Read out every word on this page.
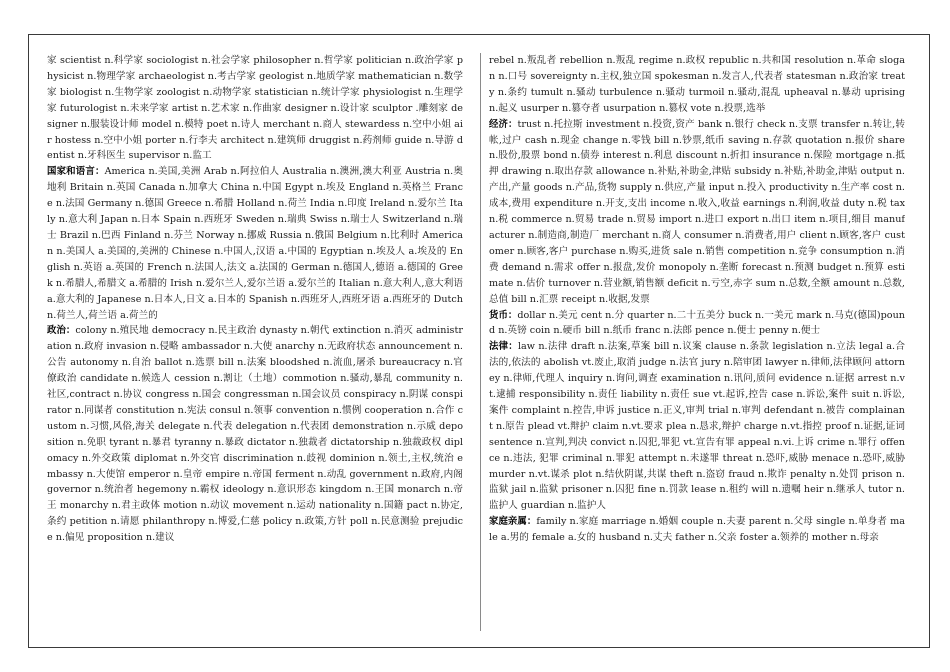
家 scientist n.科学家 sociologist n.社会学家 philosopher n.哲学家 politician n.政治学家 physicist n.物理学家 archaeologist n.考古学家 geologist n.地质学家 mathematician n.数学家 biologist n.生物学家 zoologist n.动物学家 statistician n.统计学家 physiologist n.生理学家 futurologist n.未来学家 artist n.艺术家 n.作曲家 designer n.设计家 sculptor .雕刻家 designer n.服装设计师 model n.模特 poet n.诗人 merchant n.商人 stewardess n.空中小姐 air hostess n.空中小姐 porter n.行李夫 architect n.建筑师 druggist n.药剂师 guide n.导游 dentist n.牙科医生 supervisor n.监工

国家和语言：America n.美国,美洲 Arab n.阿拉伯人 Australia n.澳洲,澳大利亚 Austria n.奥地利 Britain n.英国 Canada n.加拿大 China n.中国 Egypt n.埃及 England n.英格兰 France n.法国 Germany n.德国 Greece n.希腊 Holland n.荷兰 India n.印度 Ireland n.爱尔兰 Italy n.意大利 Japan n.日本 Spain n.西班牙 Sweden n.瑞典 Swiss n.瑞士人 Switzerland n.瑞士 Brazil n.巴西 Finland n.芬兰 Norway n.挪威 Russia n.俄国 Belgium n.比利时 American n.美国人 a.美国的,美洲的 Chinese n.中国人,汉语 a.中国的 Egyptian n.埃及人 a.埃及的 English n.英语 a.英国的 French n.法国人,法文 a.法国的 German n.德国人,德语 a.德国的 Greek n.希腊人,希腊文 a.希腊的 Irish n.爱尔兰人,爱尔兰语 a.爱尔兰的 Italian n.意大利人,意大利语 a.意大利的 Japanese n.日本人,日文 a.日本的 Spanish n.西班牙人,西班牙语 a.西班牙的 Dutch n.荷兰人,荷兰语 a.荷兰的

政治：colony n.殖民地 democracy n.民主政治 dynasty n.朝代 extinction n.消灭 administration n.政府 invasion n.侵略 ambassador n.大使 anarchy n.无政府状态 announcement n.公告 autonomy n.自治 ballot n.选票 bill n.法案 bloodshed n.流血,屠杀 bureaucracy n.官僚政治 candidate n.候选人 cession n.割让（土地）commotion n.骚动,暴乱 community n.社区,contract n.协议 congress n.国会 congressman n.国会议员 conspiracy n.阴谋 conspirator n.同谋者 constitution n.宪法 consul n.领事 convention n.惯例 cooperation n.合作 custom n.习惯,风俗,海关 delegate n.代表 delegation n.代表团 demonstration n.示威 deposition n.免职 tyrant n.暴君 tyranny n.暴政 dictator n.独裁者 dictatorship n.独裁政权 diplomacy n.外交政策 diplomat n.外交官 discrimination n.歧视 dominion n.领土,主权,统治 embassy n.大使馆 emperor n.皇帝 empire n.帝国 ferment n.动乱 government n.政府,内阁 governor n.统治者 hegemony n.霸权 ideology n.意识形态 kingdom n.王国 monarch n.帝王 monarchy n.君主政体 motion n.动议 movement n.运动 nationality n.国籍 pact n.协定,条约 petition n.请愿 philanthropy n.博爱,仁慈 policy n.政策,方针 poll n.民意测验 prejudice n.偏见 proposition n.建议

rebel n.叛乱者 rebellion n.叛乱 regime n.政权 republic n.共和国 resolution n.革命 slogan n.口号 sovereignty n.主权,独立国 spokesman n.发言人,代表者 statesman n.政治家 treaty n.条约 tumult n.骚动 turbulence n.骚动 turmoil n.骚动,混乱 upheaval n.暴动 uprising n.起义 usurper n.篡夺者 usurpation n.篡权 vote n.投票,选举

经济：trust n.托拉斯 investment n.投资,资产 bank n.银行 check n.支票 transfer n.转让,转帐,过户 cash n.现金 change n.零钱 bill n.钞票,纸币 saving n.存款 quotation n.报价 share n.股份,股票 bond n.债券 interest n.利息 discount n.折扣 insurance n.保险 mortgage n.抵押 drawing n.取出存款 allowance n.补贴,补助金,津贴 subsidy n.补贴,补助金,津贴 output n.产出,产量 goods n.产品,货物 supply n.供应,产量 input n.投入 productivity n.生产率 cost n.成本,费用 expenditure n.开支,支出 income n.收入,收益 earnings n.利润,收益 duty n.税 tax n.税 commerce n.贸易 trade n.贸易 import n.进口 export n.出口 item n.项目,细目 manufacturer n.制造商,制造厂 merchant n.商人 consumer n.消费者,用户 client n.顾客,客户 customer n.顾客,客户 purchase n.购买,进货 sale n.销售 competition n.竞争 consumption n.消费 demand n.需求 offer n.报盘,发价 monopoly n.垄断 forecast n.预测 budget n.预算 estimate n.估价 turnover n.营业额,销售额 deficit n.亏空,赤字 sum n.总数,全额 amount n.总数,总值 bill n.汇票 receipt n.收据,发票

货币：dollar n.美元 cent n.分 quarter n.二十五美分 buck n.一美元 mark n.马克(德国)pound n.英镑 coin n.硬币 bill n.纸币 franc n.法郎 pence n.便士 penny n.便士

法律：law n.法律 draft n.法案,草案 bill n.议案 clause n.条款 legislation n.立法 legal a.合法的,依法的 abolish vt.废止,取消 judge n.法官 jury n.陪审团 lawyer n.律师,法律顾问 attorney n.律师,代理人 inquiry n.询问,调查 examination n.讯问,质问 evidence n.证据 arrest n.vt.逮捕 responsibility n.责任 liability n.责任 sue vt.起诉,控告 case n.诉讼,案件 suit n.诉讼,案件 complaint n.控告,申诉 justice n.正义,审判 trial n.审判 defendant n.被告 complainant n.原告 plead vt.辩护 claim n.vt.要求 plea n.恳求,辩护 charge n.vt.指控 proof n.证据,证词 sentence n.宣判,判决 convict n.囚犯,罪犯 vt.宣告有罪 appeal n.vi.上诉 crime n.罪行 offence n.违法, 犯罪 criminal n.罪犯 attempt n.未遂罪 threat n.恐吓,威胁 menace n.恐吓,威胁 murder n.vt.谋杀 plot n.结伙阴谋,共谋 theft n.盗窃 fraud n.欺诈 penalty n.处罚 prison n.监狱 jail n.监狱 prisoner n.囚犯 fine n.罚款 lease n.租约 will n.遗嘱 heir n.继承人 tutor n.监护人 guardian n.监护人

家庭亲属：family n.家庭 marriage n.婚姻 couple n.夫妻 parent n.父母 single n.单身者 male a.男的 female a.女的 husband n.丈夫 father n.父亲 foster a.领养的 mother n.母亲
